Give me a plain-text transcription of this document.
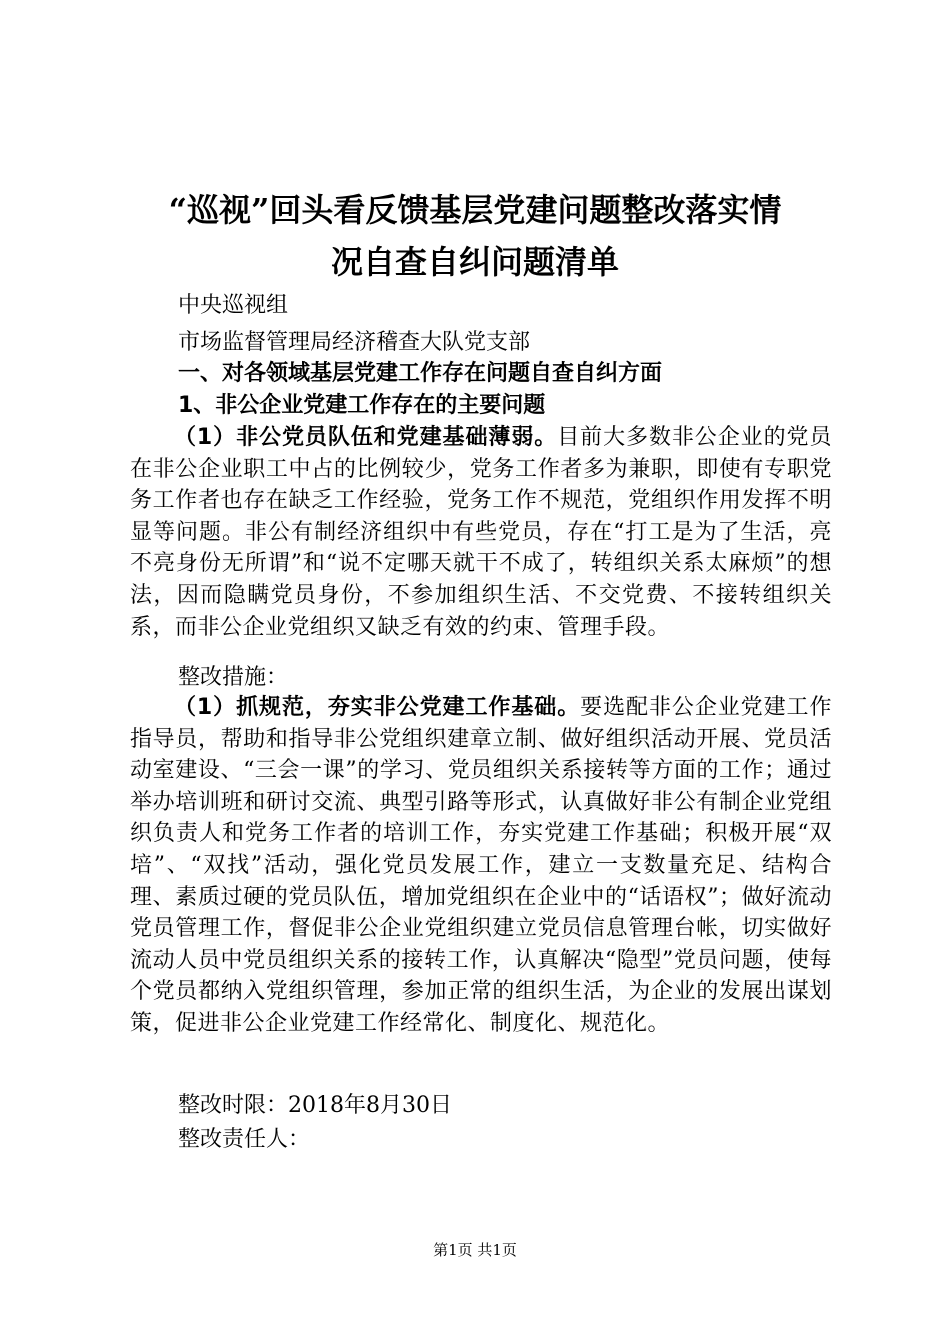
“巡视”回头看反馈基层党建问题整改落实情
况自查自纠问题清单

中央巡视组

市场监督管理局经济稽查大队党支部

一、对各领域基层党建工作存在问题自查自纠方面

1、非公企业党建工作存在的主要问题

（1）非公党员队伍和党建基础薄弱。目前大多数非公企业的党员在非公企业职工中占的比例较少，党务工作者多为兼职，即使有专职党务工作者也存在缺乏工作经验，党务工作不规范，党组织作用发挥不明显等问题。非公有制经济组织中有些党员，存在“打工是为了生活，亮不亮身份无所谓”和“说不定哪天就干不成了，转组织关系太麻烦”的想法，因而隐瞒党员身份，不参加组织生活、不交党费、不接转组织关系，而非公企业党组织又缺乏有效的约束、管理手段。

整改措施：

（1）抓规范，夯实非公党建工作基础。要选配非公企业党建工作指导员，帮助和指导非公党组织建章立制、做好组织活动开展、党员活动室建设、“三会一课”的学习、党员组织关系接转等方面的工作；通过举办培训班和研讨交流、典型引路等形式，认真做好非公有制企业党组织负责人和党务工作者的培训工作，夯实党建工作基础；积极开展“双培”、“双找”活动，强化党员发展工作，建立一支数量充足、结构合理、素质过硬的党员队伍，增加党组织在企业中的“话语权”；做好流动党员管理工作，督促非公企业党组织建立党员信息管理台帐，切实做好流动人员中党员组织关系的接转工作，认真解决“隐型”党员问题，使每个党员都纳入党组织管理，参加正常的组织生活，为企业的发展出谋划策，促进非公企业党建工作经常化、制度化、规范化。

整改时限：2018年8月30日

整改责任人：

第1页 共1页
